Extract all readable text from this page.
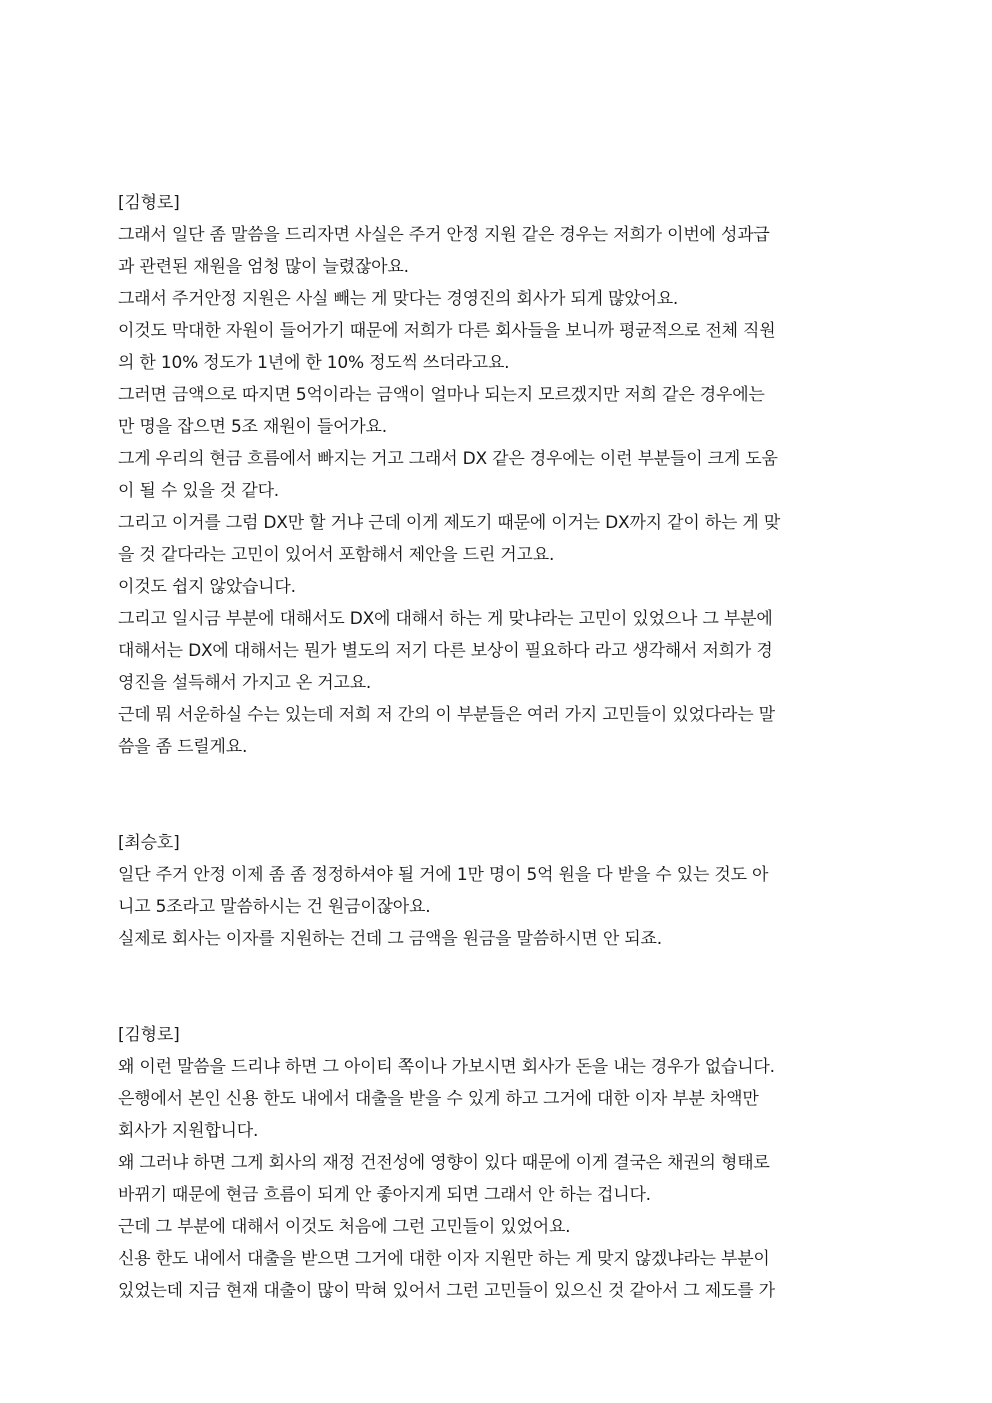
[김형로]
그래서 일단 좀 말씀을 드리자면 사실은 주거 안정 지원 같은 경우는 저희가 이번에 성과급
과 관련된 재원을 엄청 많이 늘렸잖아요.
그래서 주거안정 지원은 사실 빼는 게 맞다는 경영진의 회사가 되게 많았어요.
이것도 막대한 자원이 들어가기 때문에 저희가 다른 회사들을 보니까 평균적으로 전체 직원
의 한 10% 정도가 1년에 한 10% 정도씩 쓰더라고요.
그러면 금액으로 따지면 5억이라는 금액이 얼마나 되는지 모르겠지만 저희 같은 경우에는
만 명을 잡으면 5조 재원이 들어가요.
그게 우리의 현금 흐름에서 빠지는 거고 그래서 DX 같은 경우에는 이런 부분들이 크게 도움
이 될 수 있을 것 같다.
그리고 이거를 그럼 DX만 할 거냐 근데 이게 제도기 때문에 이거는 DX까지 같이 하는 게 맞
을 것 같다라는 고민이 있어서 포함해서 제안을 드린 거고요.
이것도 쉽지 않았습니다.
그리고 일시금 부분에 대해서도 DX에 대해서 하는 게 맞냐라는 고민이 있었으나 그 부분에
대해서는 DX에 대해서는 뭔가 별도의 저기 다른 보상이 필요하다 라고 생각해서 저희가 경
영진을 설득해서 가지고 온 거고요.
근데 뭐 서운하실 수는 있는데 저희 저 간의 이 부분들은 여러 가지 고민들이 있었다라는 말
씀을 좀 드릴게요.
[최승호]
일단 주거 안정 이제 좀 좀 정정하셔야 될 거에 1만 명이 5억 원을 다 받을 수 있는 것도 아
니고 5조라고 말씀하시는 건 원금이잖아요.
실제로 회사는 이자를 지원하는 건데 그 금액을 원금을 말씀하시면 안 되죠.
[김형로]
왜 이런 말씀을 드리냐 하면 그 아이티 쪽이나 가보시면 회사가 돈을 내는 경우가 없습니다.
은행에서 본인 신용 한도 내에서 대출을 받을 수 있게 하고 그거에 대한 이자 부분 차액만
회사가 지원합니다.
왜 그러냐 하면 그게 회사의 재정 건전성에 영향이 있다 때문에 이게 결국은 채권의 형태로
바뀌기 때문에 현금 흐름이 되게 안 좋아지게 되면 그래서 안 하는 겁니다.
근데 그 부분에 대해서 이것도 처음에 그런 고민들이 있었어요.
신용 한도 내에서 대출을 받으면 그거에 대한 이자 지원만 하는 게 맞지 않겠냐라는 부분이
있었는데 지금 현재 대출이 많이 막혀 있어서 그런 고민들이 있으신 것 같아서 그 제도를 가
